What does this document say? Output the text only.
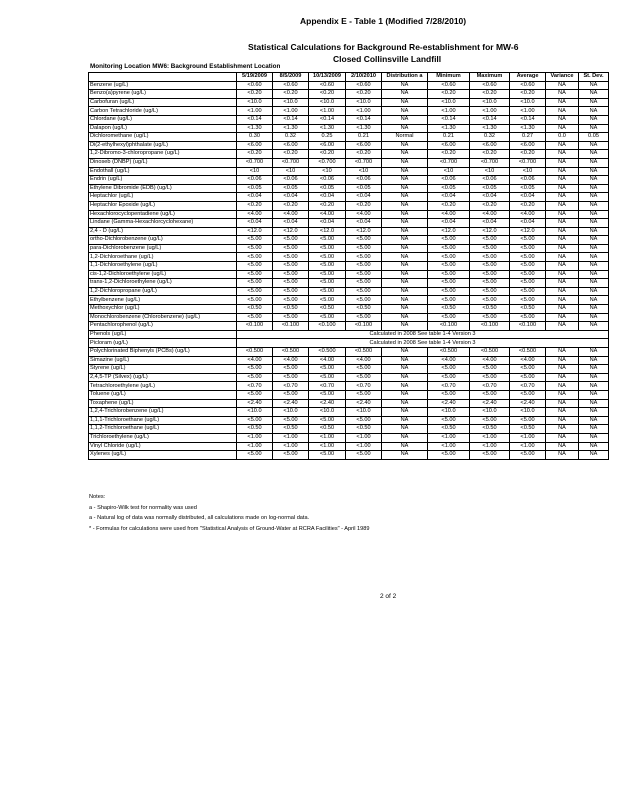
Appendix E - Table 1 (Modified 7/28/2010)
Statistical Calculations for Background Re-establishment for MW-6
Closed Collinsville Landfill
Monitoring Location MW6: Background Establishment Location
	5/19/2009	8/5/2009	10/13/2009	2/10/2010	Distribution a	Minimum	Maximum	Average	Variance	St. Dev.
Benzene (ug/L)	<0.60	<0.60	<0.60	<0.60	NA	<0.60	<0.60	<0.60	NA	NA
Benzo(a)pyrene (ug/L)	<0.20	<0.20	<0.20	<0.20	NA	<0.20	<0.20	<0.20	NA	NA
Carbofuran (ug/L)	<10.0	<10.0	<10.0	<10.0	NA	<10.0	<10.0	<10.0	NA	NA
Carbon Tetrachloride (ug/L)	<1.00	<1.00	<1.00	<1.00	NA	<1.00	<1.00	<1.00	NA	NA
Chlordane (ug/L)	<0.14	<0.14	<0.14	<0.14	NA	<0.14	<0.14	<0.14	NA	NA
Dalapon (ug/L)	<1.30	<1.30	<1.30	<1.30	NA	<1.30	<1.30	<1.30	NA	NA
Dichloromethane (ug/L)	0.30	0.32	0.25	0.21	Normal	0.21	0.32	0.27	0.0	0.05
Di(2-ethylhexyl)phthalate (ug/L)	<6.00	<6.00	<6.00	<6.00	NA	<6.00	<6.00	<6.00	NA	NA
1,2-Dibromo-3-chloropropane (ug/L)	<0.20	<0.20	<0.20	<0.20	NA	<0.20	<0.20	<0.20	NA	NA
Dinoseb (DNBP) (ug/L)	<0.700	<0.700	<0.700	<0.700	NA	<0.700	<0.700	<0.700	NA	NA
Endothall (ug/L)	<10	<10	<10	<10	NA	<10	<10	<10	NA	NA
Endrin (ug/L)	<0.06	<0.06	<0.06	<0.06	NA	<0.06	<0.06	<0.06	NA	NA
Ethylene Dibromide (EDB) (ug/L)	<0.05	<0.05	<0.05	<0.05	NA	<0.05	<0.05	<0.05	NA	NA
Heptachlor (ug/L)	<0.04	<0.04	<0.04	<0.04	NA	<0.04	<0.04	<0.04	NA	NA
Heptachlor Epoxide (ug/L)	<0.20	<0.20	<0.20	<0.20	NA	<0.20	<0.20	<0.20	NA	NA
Hexachlorocyclopentadiene (ug/L)	<4.00	<4.00	<4.00	<4.00	NA	<4.00	<4.00	<4.00	NA	NA
Lindane (Gamma-Hexachlorcyclohexane)	<0.04	<0.04	<0.04	<0.04	NA	<0.04	<0.04	<0.04	NA	NA
2,4 - D (ug/L)	<12.0	<12.0	<12.0	<12.0	NA	<12.0	<12.0	<12.0	NA	NA
ortho-Dichlorobenzene (ug/L)	<5.00	<5.00	<5.00	<5.00	NA	<5.00	<5.00	<5.00	NA	NA
para-Dichlorobenzene (ug/L)	<5.00	<5.00	<5.00	<5.00	NA	<5.00	<5.00	<5.00	NA	NA
1,2-Dichloroethane (ug/L)	<5.00	<5.00	<5.00	<5.00	NA	<5.00	<5.00	<5.00	NA	NA
1,1-Dichloroethylene (ug/L)	<5.00	<5.00	<5.00	<5.00	NA	<5.00	<5.00	<5.00	NA	NA
cis-1,2-Dichloroethylene (ug/L)	<5.00	<5.00	<5.00	<5.00	NA	<5.00	<5.00	<5.00	NA	NA
trans-1,2-Dichloroethylene (ug/L)	<5.00	<5.00	<5.00	<5.00	NA	<5.00	<5.00	<5.00	NA	NA
1,2-Dichloropropane (ug/L)	<5.00	<5.00	<5.00	<5.00	NA	<5.00	<5.00	<5.00	NA	NA
Ethylbenzene (ug/L)	<5.00	<5.00	<5.00	<5.00	NA	<5.00	<5.00	<5.00	NA	NA
Methoxychlor (ug/L)	<0.50	<0.50	<0.50	<0.50	NA	<0.50	<0.50	<0.50	NA	NA
Monochlorobenzene (Chlorobenzene) (ug/L)	<5.00	<5.00	<5.00	<5.00	NA	<5.00	<5.00	<5.00	NA	NA
Pentachlorophenol (ug/L)	<0.100	<0.100	<0.100	<0.100	NA	<0.100	<0.100	<0.100	NA	NA
Phenols (ug/L)	Calculated in 2008 See table 1-4 Version 3									
Picloram (ug/L)	Calculated in 2008 See table 1-4 Version 3									
Polychlorinated Biphenyls (PCBs) (ug/L)	<0.500	<0.500	<0.500	<0.500	NA	<0.500	<0.500	<0.500	NA	NA
Simazine (ug/L)	<4.00	<4.00	<4.00	<4.00	NA	<4.00	<4.00	<4.00	NA	NA
Styrene (ug/L)	<5.00	<5.00	<5.00	<5.00	NA	<5.00	<5.00	<5.00	NA	NA
2,4,5-TP (Silvex) (ug/L)	<5.00	<5.00	<5.00	<5.00	NA	<5.00	<5.00	<5.00	NA	NA
Tetrachloroethylene (ug/L)	<0.70	<0.70	<0.70	<0.70	NA	<0.70	<0.70	<0.70	NA	NA
Toluene (ug/L)	<5.00	<5.00	<5.00	<5.00	NA	<5.00	<5.00	<5.00	NA	NA
Toxaphene (ug/L)	<2.40	<2.40	<2.40	<2.40	NA	<2.40	<2.40	<2.40	NA	NA
1,2,4-Trichlorobenzene (ug/L)	<10.0	<10.0	<10.0	<10.0	NA	<10.0	<10.0	<10.0	NA	NA
1,1,1-Trichloroethane (ug/L)	<5.00	<5.00	<5.00	<5.00	NA	<5.00	<5.00	<5.00	NA	NA
1,1,2-Trichloroethane (ug/L)	<0.50	<0.50	<0.50	<0.50	NA	<0.50	<0.50	<0.50	NA	NA
Trichloroethylene (ug/L)	<1.00	<1.00	<1.00	<1.00	NA	<1.00	<1.00	<1.00	NA	NA
Vinyl Chloride (ug/L)	<1.00	<1.00	<1.00	<1.00	NA	<1.00	<1.00	<1.00	NA	NA
Xylenes (ug/L)	<5.00	<5.00	<5.00	<5.00	NA	<5.00	<5.00	<5.00	NA	NA
Notes:
a - Shapiro-Wilk test for normality was used
a - Natural log of data was normally distributed, all calculations made on log-normal data.
* - Formulas for calculations were used from "Statistical Analysis of Ground-Water at RCRA Facilities" - April 1989
2 of 2
